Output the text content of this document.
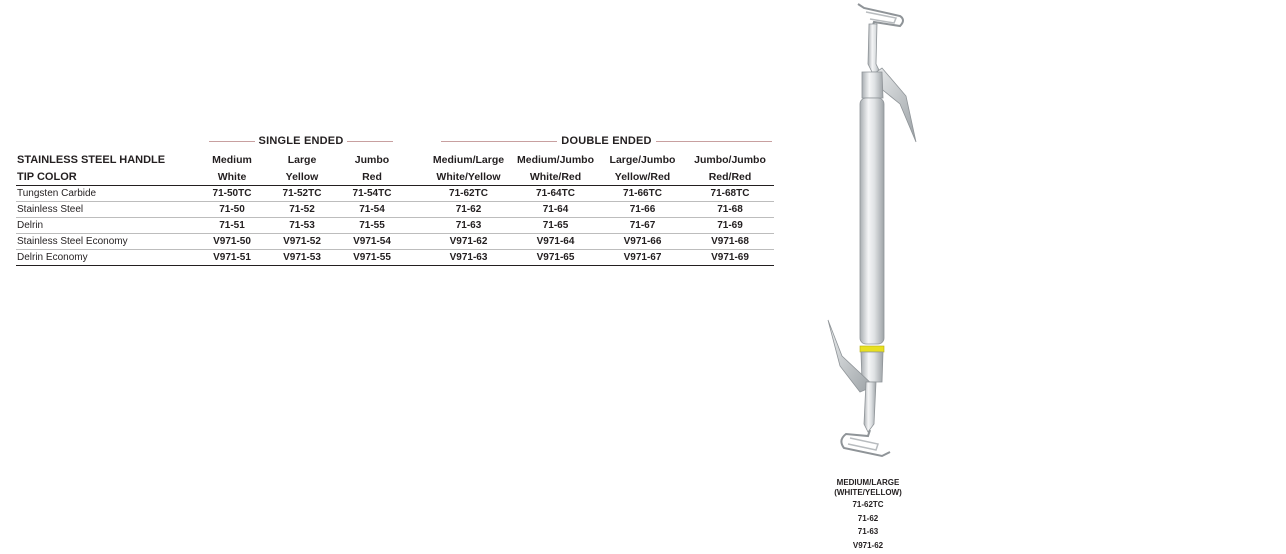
SINGLE ENDED	DOUBLE ENDED
STAINLESS STEEL HANDLE	Medium	Large	Jumbo		Medium/Large	Medium/Jumbo	Large/Jumbo	Jumbo/Jumbo
TIP COLOR	White	Yellow	Red		White/Yellow	White/Red	Yellow/Red	Red/Red
Tungsten Carbide	71-50TC	71-52TC	71-54TC		71-62TC	71-64TC	71-66TC	71-68TC
Stainless Steel	71-50	71-52	71-54		71-62	71-64	71-66	71-68
Delrin	71-51	71-53	71-55		71-63	71-65	71-67	71-69
Stainless Steel Economy	V971-50	V971-52	V971-54		V971-62	V971-64	V971-66	V971-68
Delrin Economy	V971-51	V971-53	V971-55		V971-63	V971-65	V971-67	V971-69
MEDIUM/LARGE
(WHITE/YELLOW)
71-62TC
71-62
71-63
V971-62
